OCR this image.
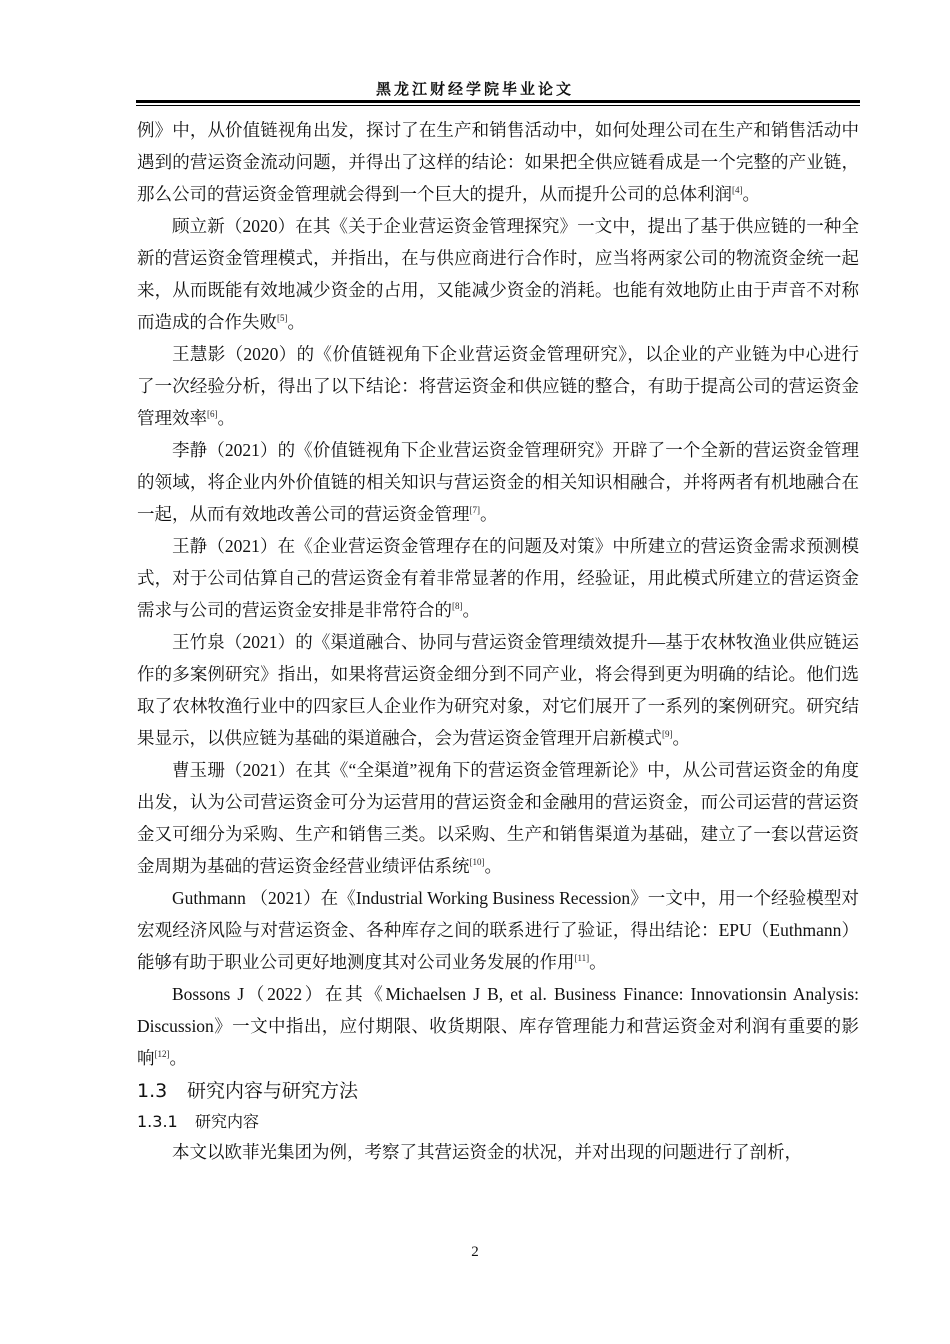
黑龙江财经学院毕业论文

例》中，从价值链视角出发，探讨了在生产和销售活动中，如何处理公司在生产和销售活动中遇到的营运资金流动问题，并得出了这样的结论：如果把全供应链看成是一个完整的产业链，那么公司的营运资金管理就会得到一个巨大的提升，从而提升公司的总体利润[4]。

顾立新（2020）在其《关于企业营运资金管理探究》一文中，提出了基于供应链的一种全新的营运资金管理模式，并指出，在与供应商进行合作时，应当将两家公司的物流资金统一起来，从而既能有效地减少资金的占用，又能减少资金的消耗。也能有效地防止由于声音不对称而造成的合作失败[5]。

王慧影（2020）的《价值链视角下企业营运资金管理研究》，以企业的产业链为中心进行了一次经验分析，得出了以下结论：将营运资金和供应链的整合，有助于提高公司的营运资金管理效率[6]。

李静（2021）的《价值链视角下企业营运资金管理研究》开辟了一个全新的营运资金管理的领域，将企业内外价值链的相关知识与营运资金的相关知识相融合，并将两者有机地融合在一起，从而有效地改善公司的营运资金管理[7]。

王静（2021）在《企业营运资金管理存在的问题及对策》中所建立的营运资金需求预测模式，对于公司估算自己的营运资金有着非常显著的作用，经验证，用此模式所建立的营运资金需求与公司的营运资金安排是非常符合的[8]。

王竹泉（2021）的《渠道融合、协同与营运资金管理绩效提升—基于农林牧渔业供应链运作的多案例研究》指出，如果将营运资金细分到不同产业，将会得到更为明确的结论。他们选取了农林牧渔行业中的四家巨人企业作为研究对象，对它们展开了一系列的案例研究。研究结果显示，以供应链为基础的渠道融合，会为营运资金管理开启新模式[9]。

曹玉珊（2021）在其《“全渠道”视角下的营运资金管理新论》中，从公司营运资金的角度出发，认为公司营运资金可分为运营用的营运资金和金融用的营运资金，而公司运营的营运资金又可细分为采购、生产和销售三类。以采购、生产和销售渠道为基础，建立了一套以营运资金周期为基础的营运资金经营业绩评估系统[10]。

Guthmann （2021）在《Industrial Working Business Recession》一文中，用一个经验模型对宏观经济风险与对营运资金、各种库存之间的联系进行了验证，得出结论：EPU（Euthmann）能够有助于职业公司更好地测度其对公司业务发展的作用[11]。

Bossons J（2022）在其《Michaelsen J B, et al. Business Finance: Innovationsin Analysis: Discussion》一文中指出，应付期限、收货期限、库存管理能力和营运资金对利润有重要的影响[12]。

1.3 研究内容与研究方法
1.3.1 研究内容

本文以欧菲光集团为例，考察了其营运资金的状况，并对出现的问题进行了剖析，

2
